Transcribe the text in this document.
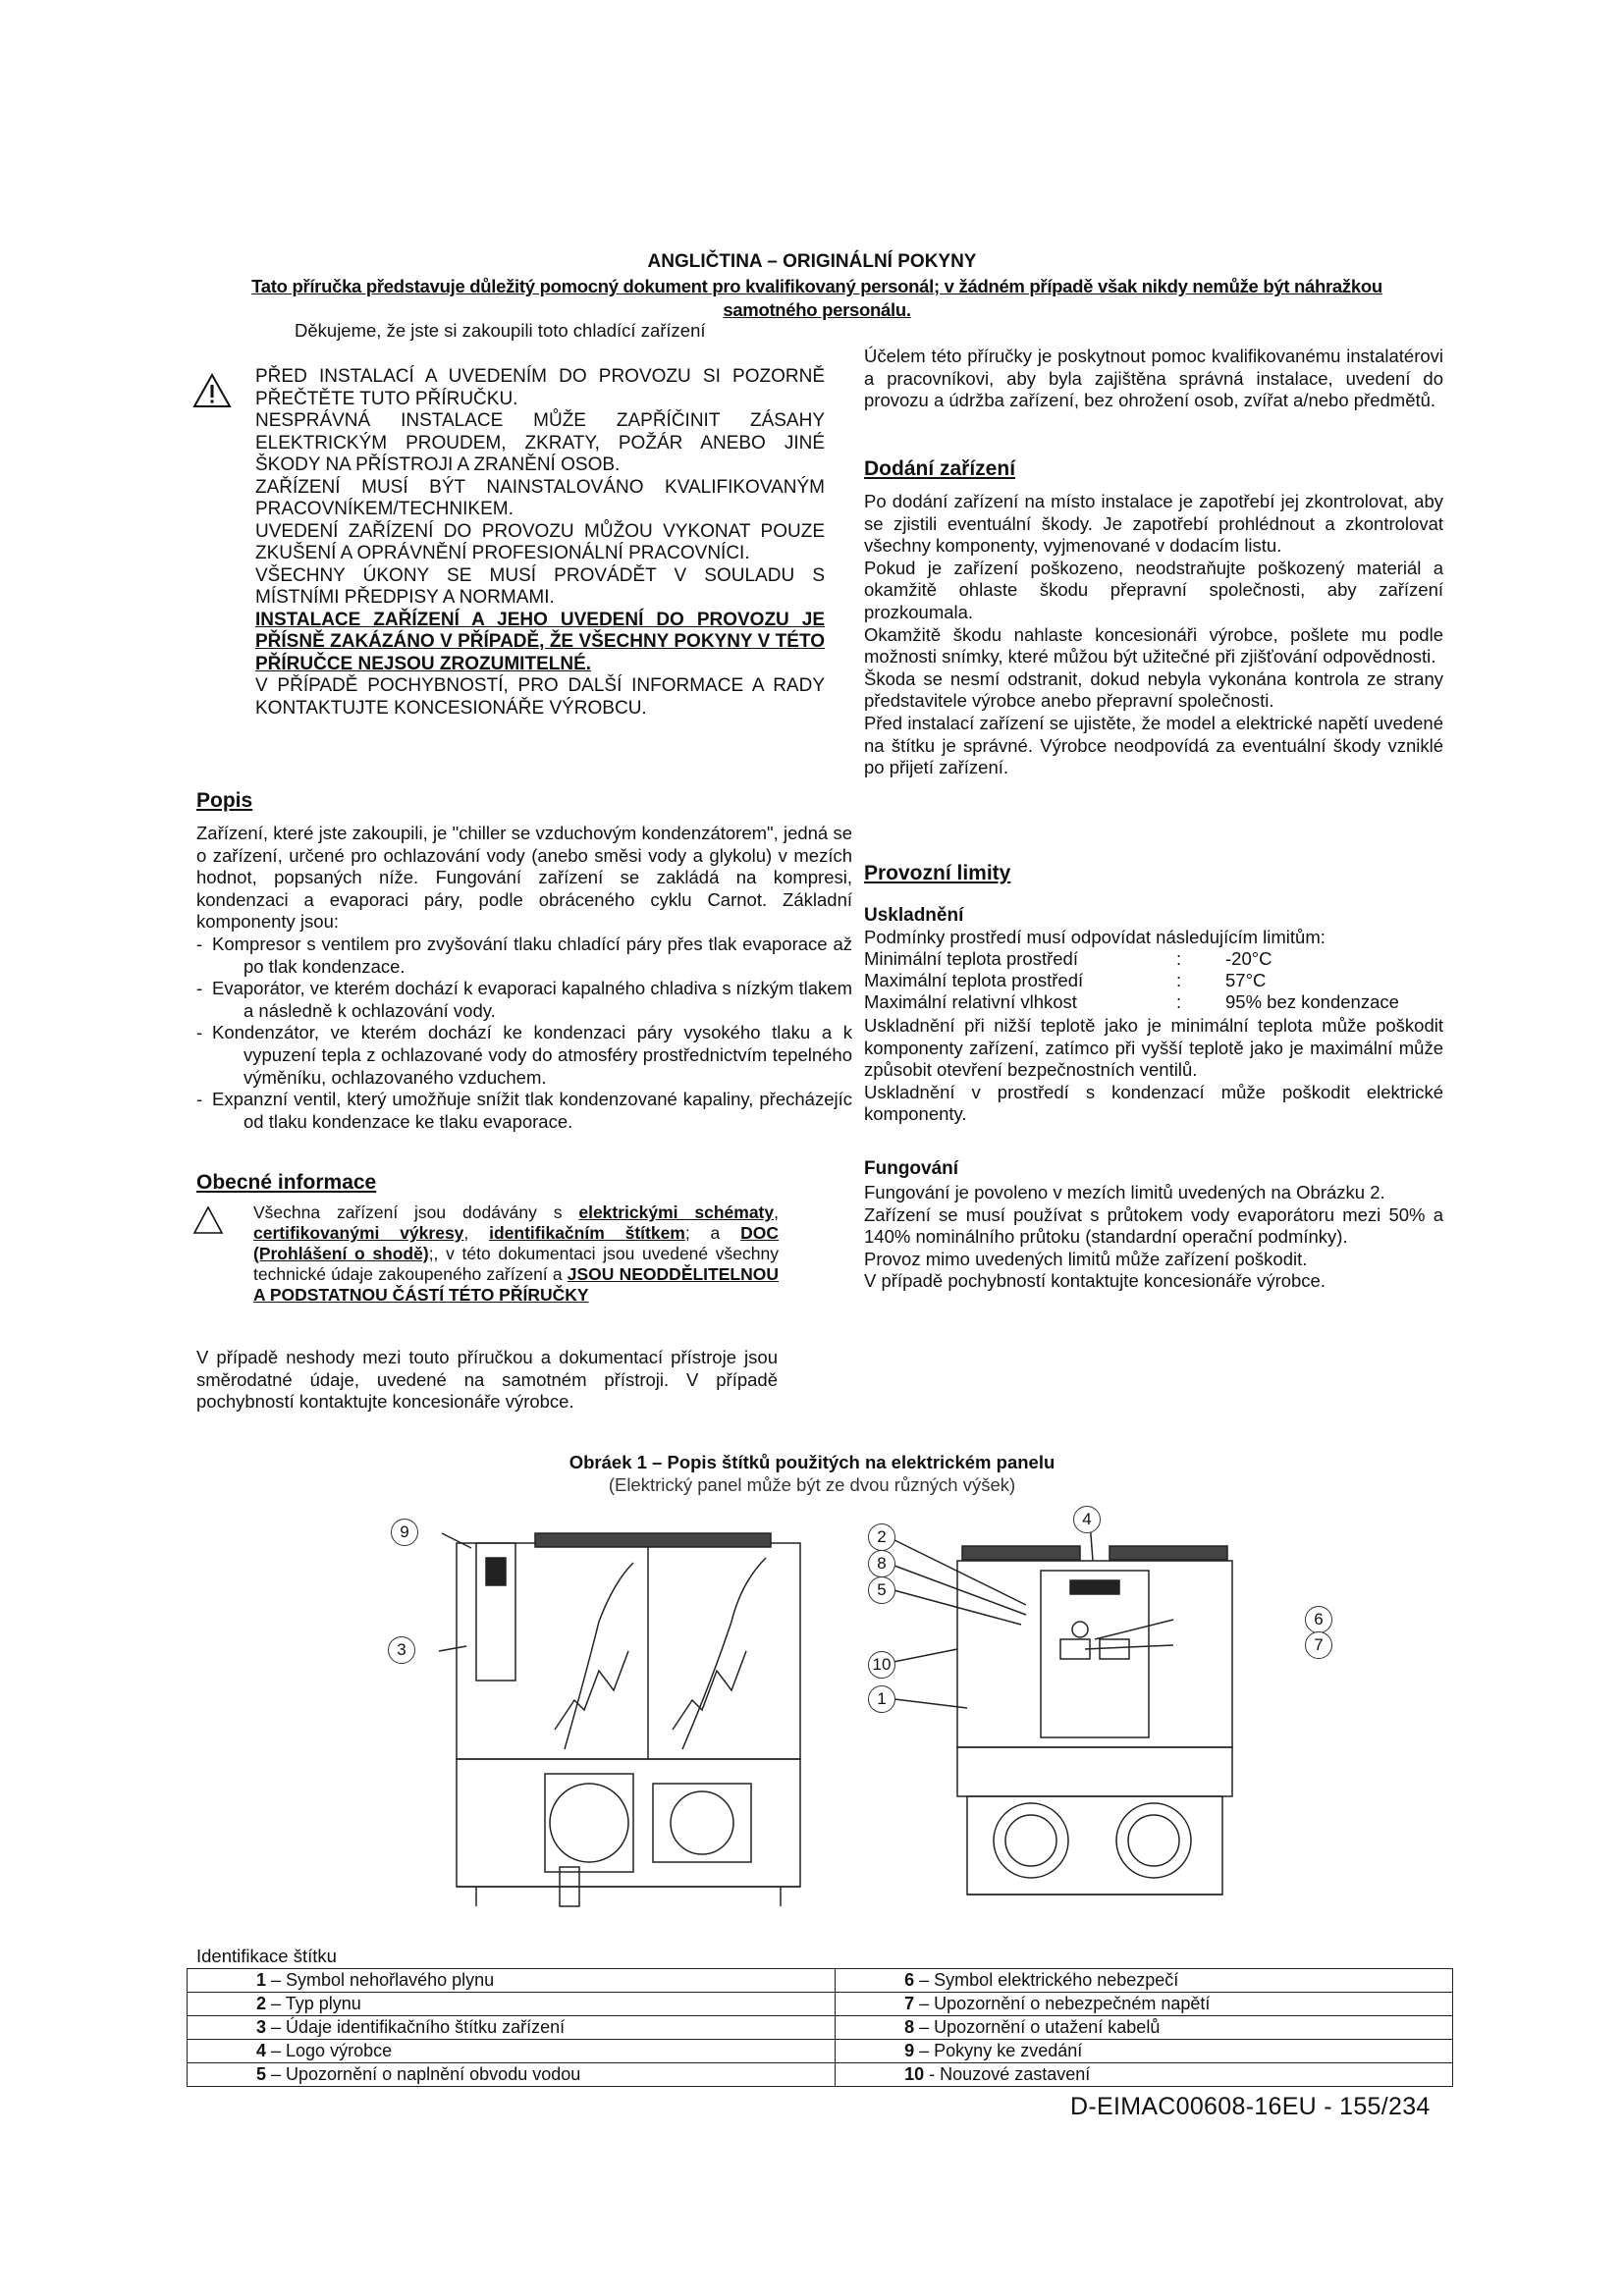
ANGLIČTINA – ORIGINÁLNÍ POKYNY
Tato příručka představuje důležitý pomocný dokument pro kvalifikovaný personál; v žádném případě však nikdy nemůže být náhražkou samotného personálu.
Děkujeme, že jste si zakoupili toto chladící zařízení

PŘED INSTALACÍ A UVEDENÍM DO PROVOZU SI POZORNĚ PŘEČTĚTE TUTO PŘÍRUČKU.

NESPRÁVNÁ INSTALACE MŮŽE ZAPŘÍČINIT ZÁSAHY ELEKTRICKÝM PROUDEM, ZKRATY, POŽÁR ANEBO JINÉ ŠKODY NA PŘÍSTROJI A ZRANĚNÍ OSOB.

ZAŘÍZENÍ MUSÍ BÝT NAINSTALOVÁNO KVALIFIKOVANÝM PRACOVNÍKEM/TECHNIKEM.

UVEDENÍ ZAŘÍZENÍ DO PROVOZU MŮŽOU VYKONAT POUZE ZKUŠENÍ A OPRÁVNĚNÍ PROFESIONÁLNÍ PRACOVNÍCI.

VŠECHNY ÚKONY SE MUSÍ PROVÁDĚT V SOULADU S MÍSTNÍMI PŘEDPISY A NORMAMI.

INSTALACE ZAŘÍZENÍ A JEHO UVEDENÍ DO PROVOZU JE PŘÍSNĚ ZAKÁZÁNO V PŘÍPADĚ, ŽE VŠECHNY POKYNY V TÉTO PŘÍRUČCE NEJSOU ZROZUMITELNÉ.

V PŘÍPADĚ POCHYBNOSTÍ, PRO DALŠÍ INFORMACE A RADY KONTAKTUJTE KONCESIONÁŘE VÝROBCU.

Popis

Zařízení, které jste zakoupili, je "chiller se vzduchovým kondenzátorem", jedná se o zařízení, určené pro ochlazování vody (anebo směsi vody a glykolu) v mezích hodnot, popsaných níže. Fungování zařízení se zakládá na kompresi, kondenzaci a evaporaci páry, podle obráceného cyklu Carnot. Základní komponenty jsou:

- Kompresor s ventilem pro zvyšování tlaku chladící páry přes tlak evaporace až po tlak kondenzace.

- Evaporátor, ve kterém dochází k evaporaci kapalného chladiva s nízkým tlakem a následně k ochlazování vody.

- Kondenzátor, ve kterém dochází ke kondenzaci páry vysokého tlaku a k vypuzení tepla z ochlazované vody do atmosféry prostřednictvím tepelného výměníku, ochlazovaného vzduchem.

- Expanzní ventil, který umožňuje snížit tlak kondenzované kapaliny, přecházejíc od tlaku kondenzace ke tlaku evaporace.

Obecné informace
Všechna zařízení jsou dodávány s elektrickými schématy, certifikovanými výkresy, identifikačním štítkem; a DOC (Prohlášení o shodě);, v této dokumentaci jsou uvedené všechny technické údaje zakoupeného zařízení a JSOU NEODDĚLITELNOU A PODSTATNOU ČÁSTÍ TÉTO PŘÍRUČKY
V případě neshody mezi touto příručkou a dokumentací přístroje jsou směrodatné údaje, uvedené na samotném přístroji. V případě pochybností kontaktujte koncesionáře výrobce.
Účelem této příručky je poskytnout pomoc kvalifikovanému instalatérovi a pracovníkovi, aby byla zajištěna správná instalace, uvedení do provozu a údržba zařízení, bez ohrožení osob, zvířat a/nebo předmětů.
Dodání zařízení

Po dodání zařízení na místo instalace je zapotřebí jej zkontrolovat, aby se zjistili eventuální škody. Je zapotřebí prohlédnout a zkontrolovat všechny komponenty, vyjmenované v dodacím listu.

Pokud je zařízení poškozeno, neodstraňujte poškozený materiál a okamžitě ohlaste škodu přepravní společnosti, aby zařízení prozkoumala.

Okamžitě škodu nahlaste koncesionáři výrobce, pošlete mu podle možnosti snímky, které můžou být užitečné při zjišťování odpovědnosti.

Škoda se nesmí odstranit, dokud nebyla vykonána kontrola ze strany představitele výrobce anebo přepravní společnosti.

Před instalací zařízení se ujistěte, že model a elektrické napětí uvedené na štítku je správné. Výrobce neodpovídá za eventuální škody vzniklé po přijetí zařízení.

Provozní limity
Uskladnění
Podmínky prostředí musí odpovídat následujícím limitům:
Minimální teplota prostředí	:	-20°C
Maximální teplota prostředí	:	57°C
Maximální relativní vlhkost	:	95% bez kondenzace

Uskladnění při nižší teplotě jako je minimální teplota může poškodit komponenty zařízení, zatímco při vyšší teplotě jako je maximální může způsobit otevření bezpečnostních ventilů.

Uskladnění v prostředí s kondenzací může poškodit elektrické komponenty.

Fungování

Fungování je povoleno v mezích limitů uvedených na Obrázku 2.

Zařízení se musí používat s průtokem vody evaporátoru mezi 50% a 140% nominálního průtoku (standardní operační podmínky).

Provoz mimo uvedených limitů může zařízení poškodit.

V případě pochybností kontaktujte koncesionáře výrobce.

Obráek 1 – Popis štítků použitých na elektrickém panelu
(Elektrický panel může být ze dvou různých výšek)
9
3
4
2
8
5
6
7
10
1
Identifikace štítku
1 – Symbol nehořlavého plynu	6 – Symbol elektrického nebezpečí
2 – Typ plynu	7 – Upozornění o nebezpečném napětí
3 – Údaje identifikačního štítku zařízení	8 – Upozornění o utažení kabelů
4 – Logo výrobce	9 – Pokyny ke zvedání
5 – Upozornění o naplnění obvodu vodou	10 - Nouzové zastavení
D-EIMAC00608-16EU - 155/234
